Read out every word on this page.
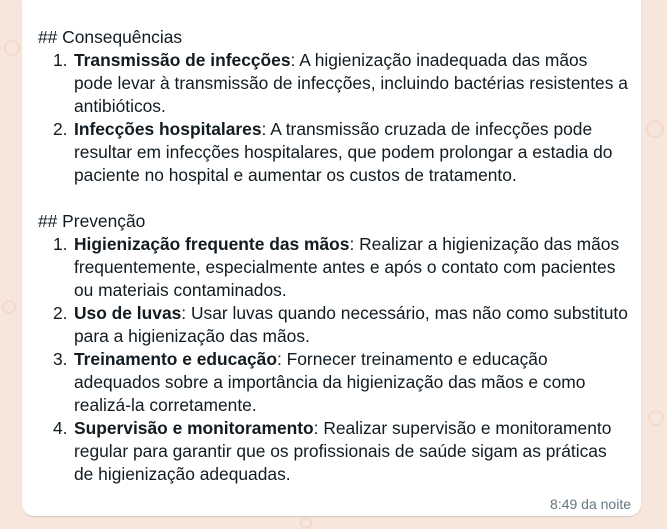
## Consequências

1. Transmissão de infecções: A higienização inadequada das mãos pode levar à transmissão de infecções, incluindo bactérias resistentes a antibióticos.
2. Infecções hospitalares: A transmissão cruzada de infecções pode resultar em infecções hospitalares, que podem prolongar a estadia do paciente no hospital e aumentar os custos de tratamento.

## Prevenção

1. Higienização frequente das mãos: Realizar a higienização das mãos frequentemente, especialmente antes e após o contato com pacientes ou materiais contaminados.
2. Uso de luvas: Usar luvas quando necessário, mas não como substituto para a higienização das mãos.
3. Treinamento e educação: Fornecer treinamento e educação adequados sobre a importância da higienização das mãos e como realizá-la corretamente.
4. Supervisão e monitoramento: Realizar supervisão e monitoramento regular para garantir que os profissionais de saúde sigam as práticas de higienização adequadas.
8:49 da noite
